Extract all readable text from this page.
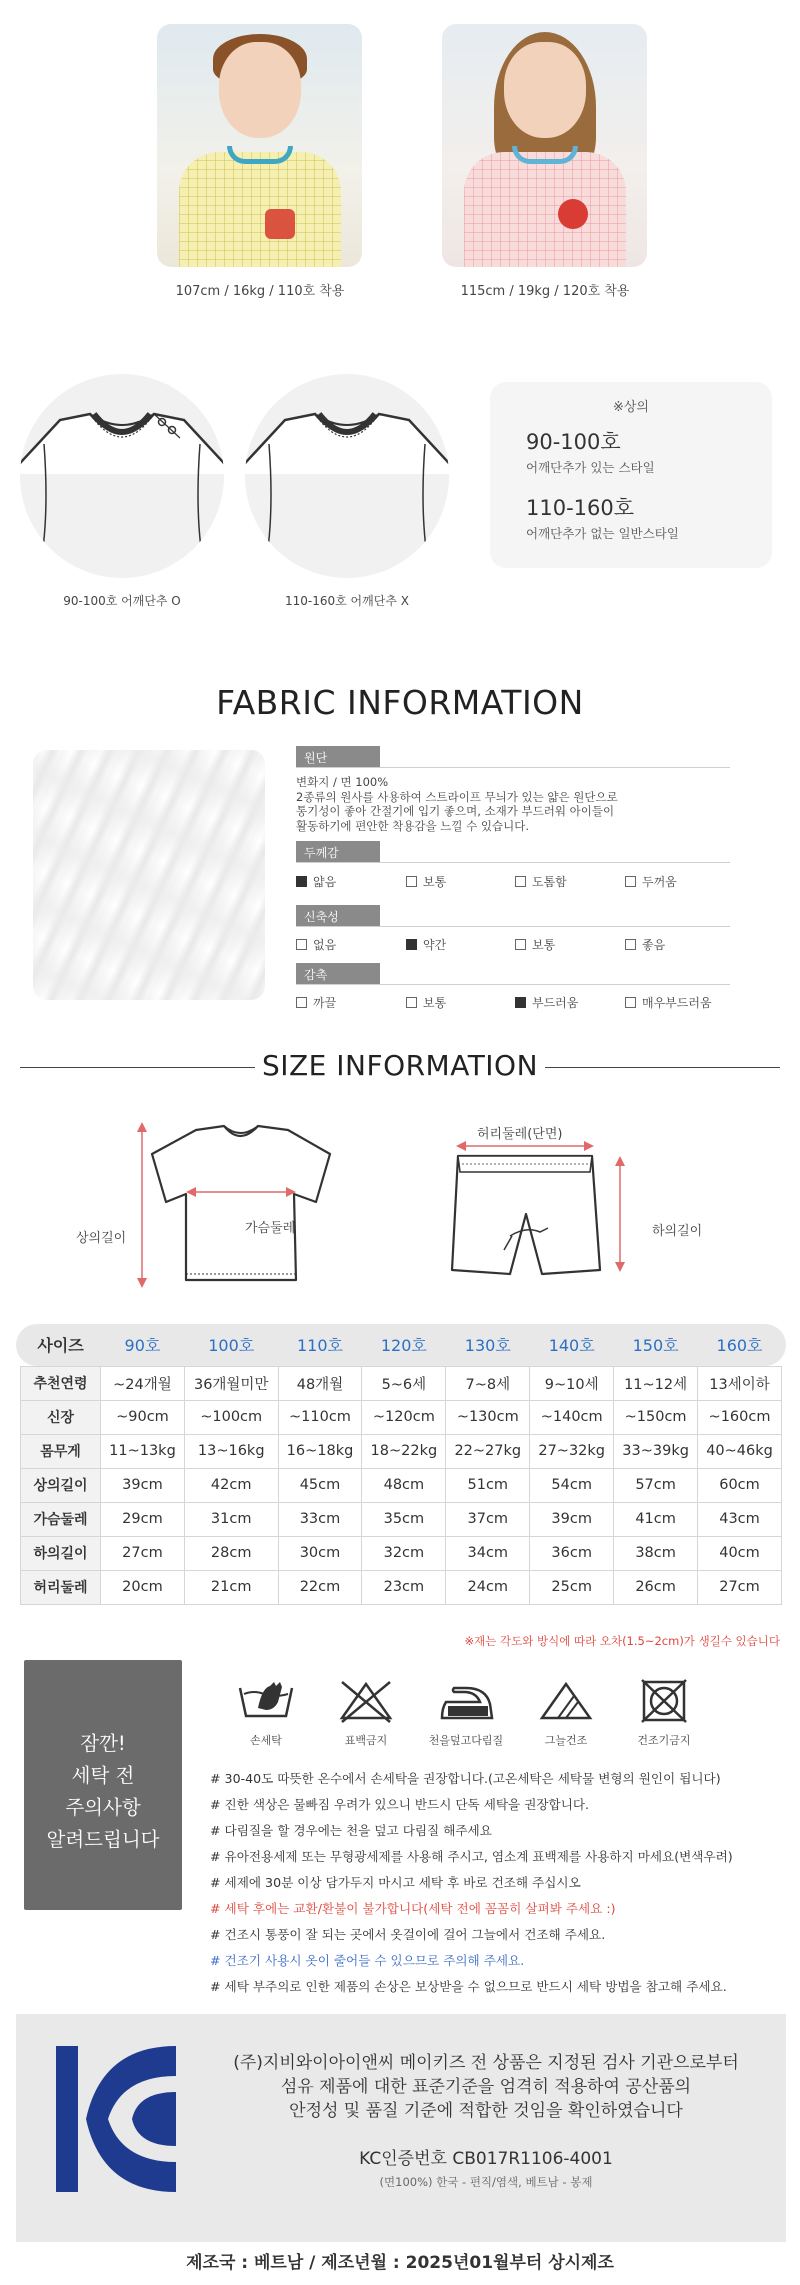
107cm / 16kg / 110호 착용	115cm / 19kg / 120호 착용
90-100호 어깨단추 O	110-160호 어깨단추 X
※상의
90-100호
어깨단추가 있는 스타일
110-160호
어깨단추가 없는 일반스타일
FABRIC INFORMATION
원단
변화지 / 면 100%
2종류의 원사를 사용하여 스트라이프 무늬가 있는 얇은 원단으로
통기성이 좋아 간절기에 입기 좋으며, 소재가 부드러워 아이들이
활동하기에 편안한 착용감을 느낄 수 있습니다.
두께감
얇음	보통	도톰함	두꺼움
신축성
없음	약간	보통	좋음
감촉
까끌	보통	부드러움	매우부드러움
SIZE INFORMATION
상의길이
가슴둘레
허리둘레(단면)
하의길이
사이즈	90호	100호	110호	120호	130호	140호	150호	160호
추천연령	~24개월	36개월미만	48개월	5~6세	7~8세	9~10세	11~12세	13세이하
신장	~90cm	~100cm	~110cm	~120cm	~130cm	~140cm	~150cm	~160cm
몸무게	11~13kg	13~16kg	16~18kg	18~22kg	22~27kg	27~32kg	33~39kg	40~46kg
상의길이	39cm	42cm	45cm	48cm	51cm	54cm	57cm	60cm
가슴둘레	29cm	31cm	33cm	35cm	37cm	39cm	41cm	43cm
하의길이	27cm	28cm	30cm	32cm	34cm	36cm	38cm	40cm
허리둘레	20cm	21cm	22cm	23cm	24cm	25cm	26cm	27cm
※재는 각도와 방식에 따라 오차(1.5~2cm)가 생길수 있습니다
잠깐!
세탁 전
주의사항
알려드립니다
손세탁	표백금지	천을덮고다림질	그늘건조	건조기금지
# 30-40도 따뜻한 온수에서 손세탁을 권장합니다.(고온세탁은 세탁물 변형의 원인이 됩니다)
# 진한 색상은 물빠짐 우려가 있으니 반드시 단독 세탁을 권장합니다.
# 다림질을 할 경우에는 천을 덮고 다림질 해주세요
# 유아전용세제 또는 무형광세제를 사용해 주시고, 염소계 표백제를 사용하지 마세요(변색우려)
# 세제에 30분 이상 담가두지 마시고 세탁 후 바로 건조해 주십시오
# 세탁 후에는 교환/환불이 불가합니다(세탁 전에 꼼꼼히 살펴봐 주세요 :)
# 건조시 통풍이 잘 되는 곳에서 옷걸이에 걸어 그늘에서 건조해 주세요.
# 건조기 사용시 옷이 줄어들 수 있으므로 주의해 주세요.
# 세탁 부주의로 인한 제품의 손상은 보상받을 수 없으므로 반드시 세탁 방법을 참고해 주세요.
(주)지비와이아이앤씨 메이키즈 전 상품은 지정된 검사 기관으로부터
섬유 제품에 대한 표준기준을 엄격히 적용하여 공산품의
안정성 및 품질 기준에 적합한 것임을 확인하였습니다
KC인증번호 CB017R1106-4001
(면100%) 한국 - 편직/염색, 베트남 - 봉제
제조국 : 베트남 / 제조년월 : 2025년01월부터 상시제조
